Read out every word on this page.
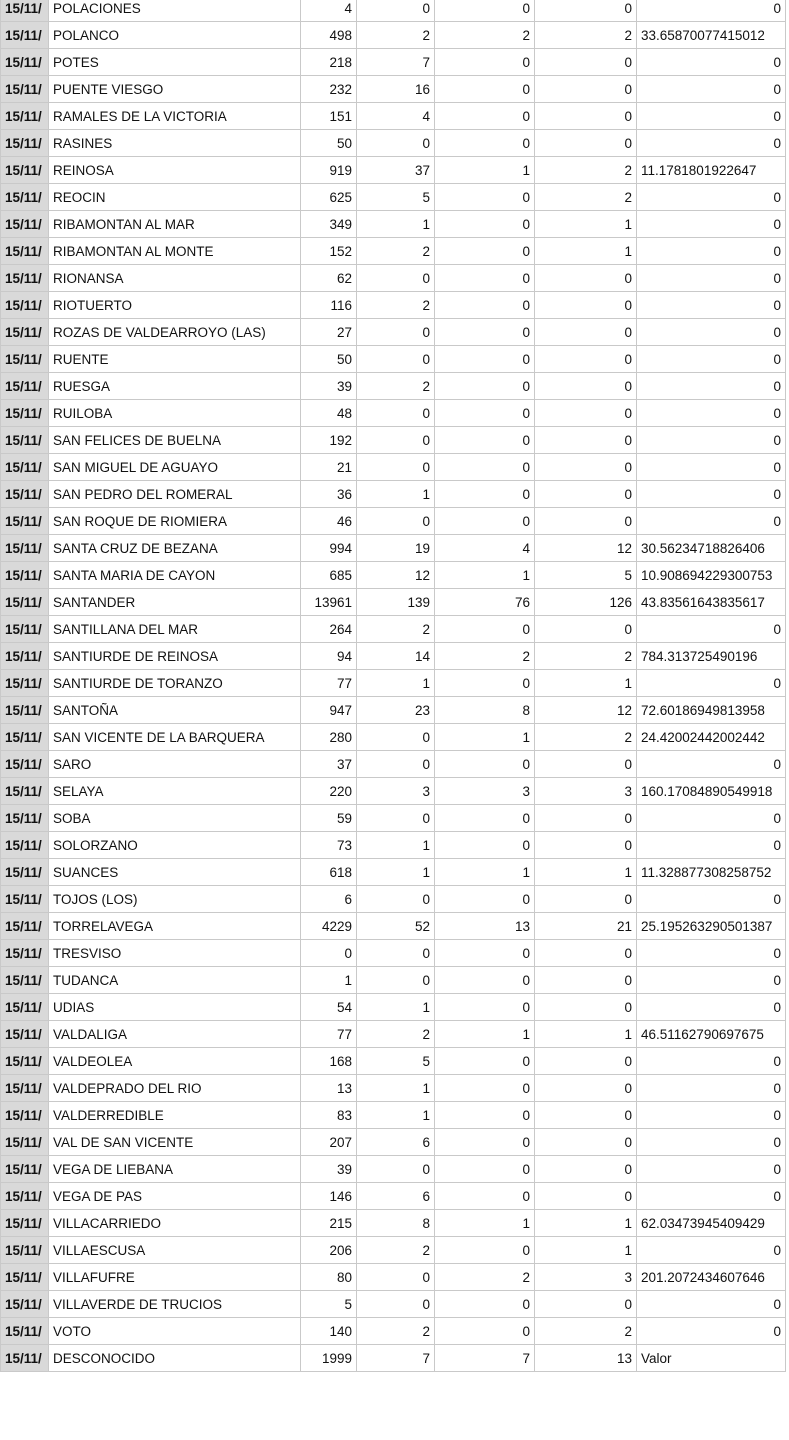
15/11/	POLACIONES	4	0	0	0	0
15/11/	POLANCO	498	2	2	2	33.65870077415012
15/11/	POTES	218	7	0	0	0
15/11/	PUENTE VIESGO	232	16	0	0	0
15/11/	RAMALES DE LA VICTORIA	151	4	0	0	0
15/11/	RASINES	50	0	0	0	0
15/11/	REINOSA	919	37	1	2	11.1781801922647
15/11/	REOCIN	625	5	0	2	0
15/11/	RIBAMONTAN AL MAR	349	1	0	1	0
15/11/	RIBAMONTAN AL MONTE	152	2	0	1	0
15/11/	RIONANSA	62	0	0	0	0
15/11/	RIOTUERTO	116	2	0	0	0
15/11/	ROZAS DE VALDEARROYO (LAS)	27	0	0	0	0
15/11/	RUENTE	50	0	0	0	0
15/11/	RUESGA	39	2	0	0	0
15/11/	RUILOBA	48	0	0	0	0
15/11/	SAN FELICES DE BUELNA	192	0	0	0	0
15/11/	SAN MIGUEL DE AGUAYO	21	0	0	0	0
15/11/	SAN PEDRO DEL ROMERAL	36	1	0	0	0
15/11/	SAN ROQUE DE RIOMIERA	46	0	0	0	0
15/11/	SANTA CRUZ DE BEZANA	994	19	4	12	30.56234718826406
15/11/	SANTA MARIA DE CAYON	685	12	1	5	10.908694229300753
15/11/	SANTANDER	13961	139	76	126	43.83561643835617
15/11/	SANTILLANA DEL MAR	264	2	0	0	0
15/11/	SANTIURDE DE REINOSA	94	14	2	2	784.313725490196
15/11/	SANTIURDE DE TORANZO	77	1	0	1	0
15/11/	SANTOÑA	947	23	8	12	72.60186949813958
15/11/	SAN VICENTE DE LA BARQUERA	280	0	1	2	24.42002442002442
15/11/	SARO	37	0	0	0	0
15/11/	SELAYA	220	3	3	3	160.17084890549918
15/11/	SOBA	59	0	0	0	0
15/11/	SOLORZANO	73	1	0	0	0
15/11/	SUANCES	618	1	1	1	11.328877308258752
15/11/	TOJOS (LOS)	6	0	0	0	0
15/11/	TORRELAVEGA	4229	52	13	21	25.195263290501387
15/11/	TRESVISO	0	0	0	0	0
15/11/	TUDANCA	1	0	0	0	0
15/11/	UDIAS	54	1	0	0	0
15/11/	VALDALIGA	77	2	1	1	46.51162790697675
15/11/	VALDEOLEA	168	5	0	0	0
15/11/	VALDEPRADO DEL RIO	13	1	0	0	0
15/11/	VALDERREDIBLE	83	1	0	0	0
15/11/	VAL DE SAN VICENTE	207	6	0	0	0
15/11/	VEGA DE LIEBANA	39	0	0	0	0
15/11/	VEGA DE PAS	146	6	0	0	0
15/11/	VILLACARRIEDO	215	8	1	1	62.03473945409429
15/11/	VILLAESCUSA	206	2	0	1	0
15/11/	VILLAFUFRE	80	0	2	3	201.2072434607646
15/11/	VILLAVERDE DE TRUCIOS	5	0	0	0	0
15/11/	VOTO	140	2	0	2	0
15/11/	DESCONOCIDO	1999	7	7	13	Valor
